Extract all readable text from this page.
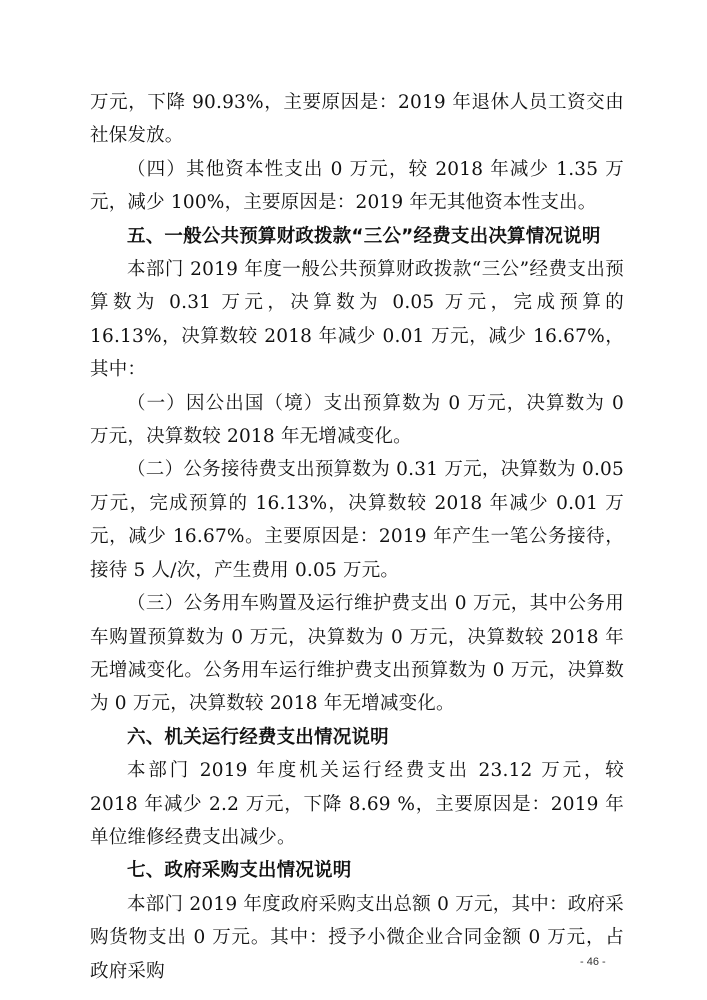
万元，下降 90.93%，主要原因是：2019 年退休人员工资交由社保发放。

（四）其他资本性支出 0 万元，较 2018 年减少 1.35 万元，减少 100%，主要原因是：2019 年无其他资本性支出。

五、一般公共预算财政拨款“三公”经费支出决算情况说明

本部门 2019 年度一般公共预算财政拨款“三公”经费支出预算数为 0.31 万元，决算数为 0.05 万元，完成预算的 16.13%，决算数较 2018 年减少 0.01 万元，减少 16.67%，其中：

（一）因公出国（境）支出预算数为 0 万元，决算数为 0 万元，决算数较 2018 年无增减变化。

（二）公务接待费支出预算数为 0.31 万元，决算数为 0.05 万元，完成预算的 16.13%，决算数较 2018 年减少 0.01 万元，减少 16.67%。主要原因是：2019 年产生一笔公务接待，接待 5 人/次，产生费用 0.05 万元。

（三）公务用车购置及运行维护费支出 0 万元，其中公务用车购置预算数为 0 万元，决算数为 0 万元，决算数较 2018 年无增减变化。公务用车运行维护费支出预算数为 0 万元，决算数为 0 万元，决算数较 2018 年无增减变化。

六、机关运行经费支出情况说明

本部门 2019 年度机关运行经费支出 23.12 万元，较 2018 年减少 2.2 万元，下降 8.69 %，主要原因是：2019 年单位维修经费支出减少。

七、政府采购支出情况说明

本部门 2019 年度政府采购支出总额 0 万元，其中：政府采购货物支出 0 万元。其中：授予小微企业合同金额 0 万元，占政府采购	- 46 -
